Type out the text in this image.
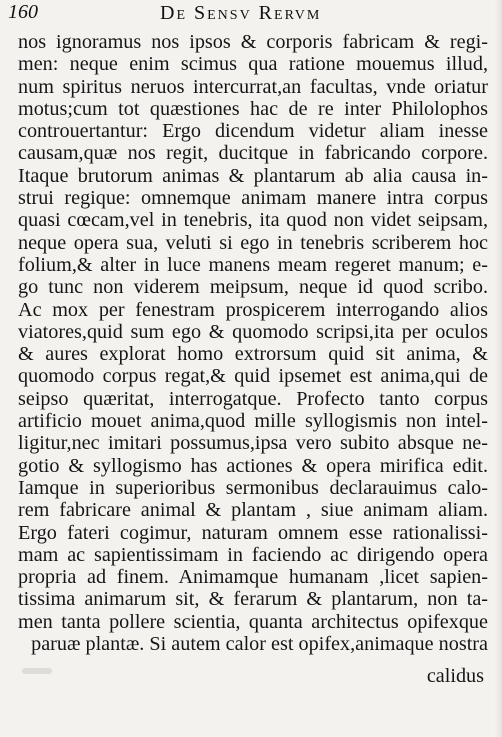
160	De Sensv Rervm
nos ignoramus nos ipsos & corporis fabricam & regi-
men: neque enim scimus qua ratione mouemus illud,
num spiritus neruos intercurrat,an facultas, vnde oriatur
motus;cum tot quæstiones hac de re inter Philolophos
controuertantur: Ergo dicendum videtur aliam inesse
causam,quæ nos regit, ducitque in fabricando corpore.
Itaque brutorum animas & plantarum ab alia causa in-
strui regique: omnemque animam manere intra corpus
quasi cœcam,vel in tenebris, ita quod non videt seipsam,
neque opera sua, veluti si ego in tenebris scriberem hoc
folium,& alter in luce manens meam regeret manum; e-
go tunc non viderem meipsum, neque id quod scribo.
Ac mox per fenestram prospicerem interrogando alios
viatores,quid sum ego & quomodo scripsi,ita per oculos
& aures explorat homo extrorsum quid sit anima, &
quomodo corpus regat,& quid ipsemet est anima,qui de
seipso quæritat, interrogatque. Profecto tanto corpus
artificio mouet anima,quod mille syllogismis non intel-
ligitur,nec imitari possumus,ipsa vero subito absque ne-
gotio & syllogismo has actiones & opera mirifica edit.
Iamque in superioribus sermonibus declarauimus calo-
rem fabricare animal & plantam , siue animam aliam.
Ergo fateri cogimur, naturam omnem esse rationalissi-
mam ac sapientissimam in faciendo ac dirigendo opera
propria ad finem. Animamque humanam ,licet sapien-
tissima animarum sit, & ferarum & plantarum, non ta-
men tanta pollere scientia, quanta architectus opifexque
paruæ plantæ. Si autem calor est opifex,animaque nostra
calidus
